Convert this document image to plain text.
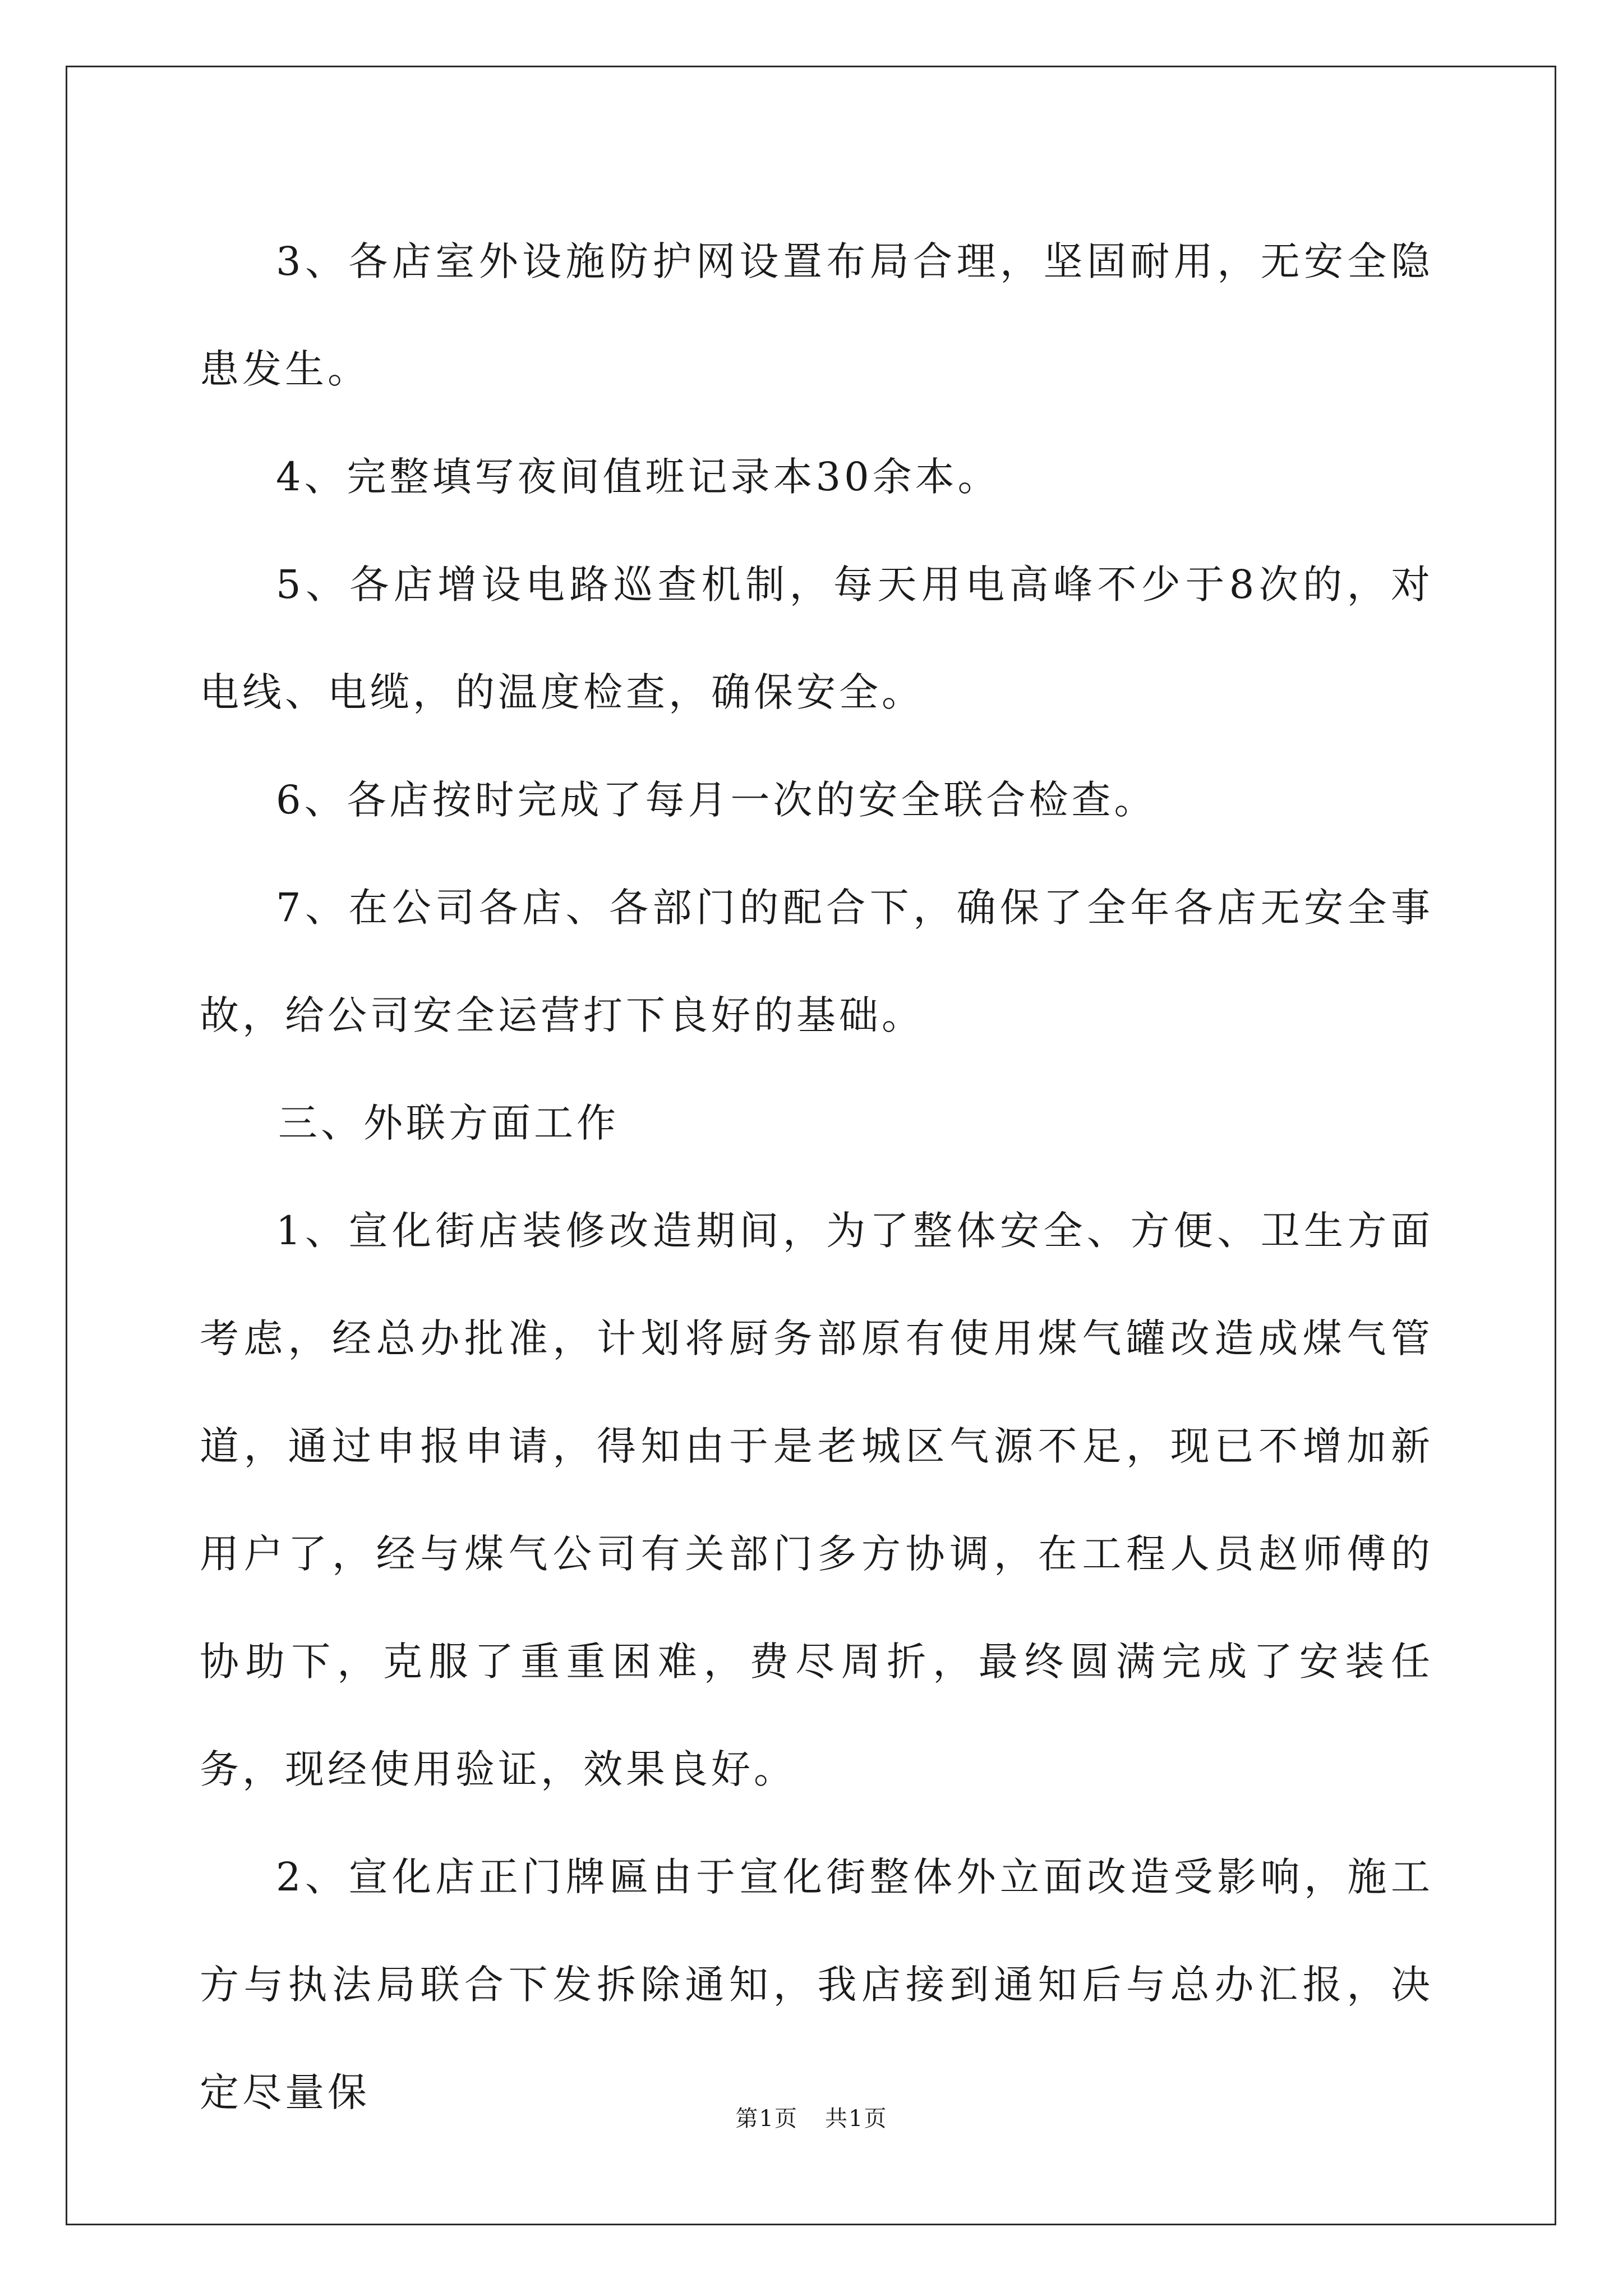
3、各店室外设施防护网设置布局合理，坚固耐用，无安全隐患发生。

4、完整填写夜间值班记录本30余本。

5、各店增设电路巡查机制，每天用电高峰不少于8次的，对电线、电缆，的温度检查，确保安全。

6、各店按时完成了每月一次的安全联合检查。

7、在公司各店、各部门的配合下，确保了全年各店无安全事故，给公司安全运营打下良好的基础。

三、外联方面工作

1、宣化街店装修改造期间，为了整体安全、方便、卫生方面考虑，经总办批准，计划将厨务部原有使用煤气罐改造成煤气管道，通过申报申请，得知由于是老城区气源不足，现已不增加新用户了，经与煤气公司有关部门多方协调，在工程人员赵师傅的协助下，克服了重重困难，费尽周折，最终圆满完成了安装任务，现经使用验证，效果良好。

2、宣化店正门牌匾由于宣化街整体外立面改造受影响，施工方与执法局联合下发拆除通知，我店接到通知后与总办汇报，决定尽量保

第1页 共1页
